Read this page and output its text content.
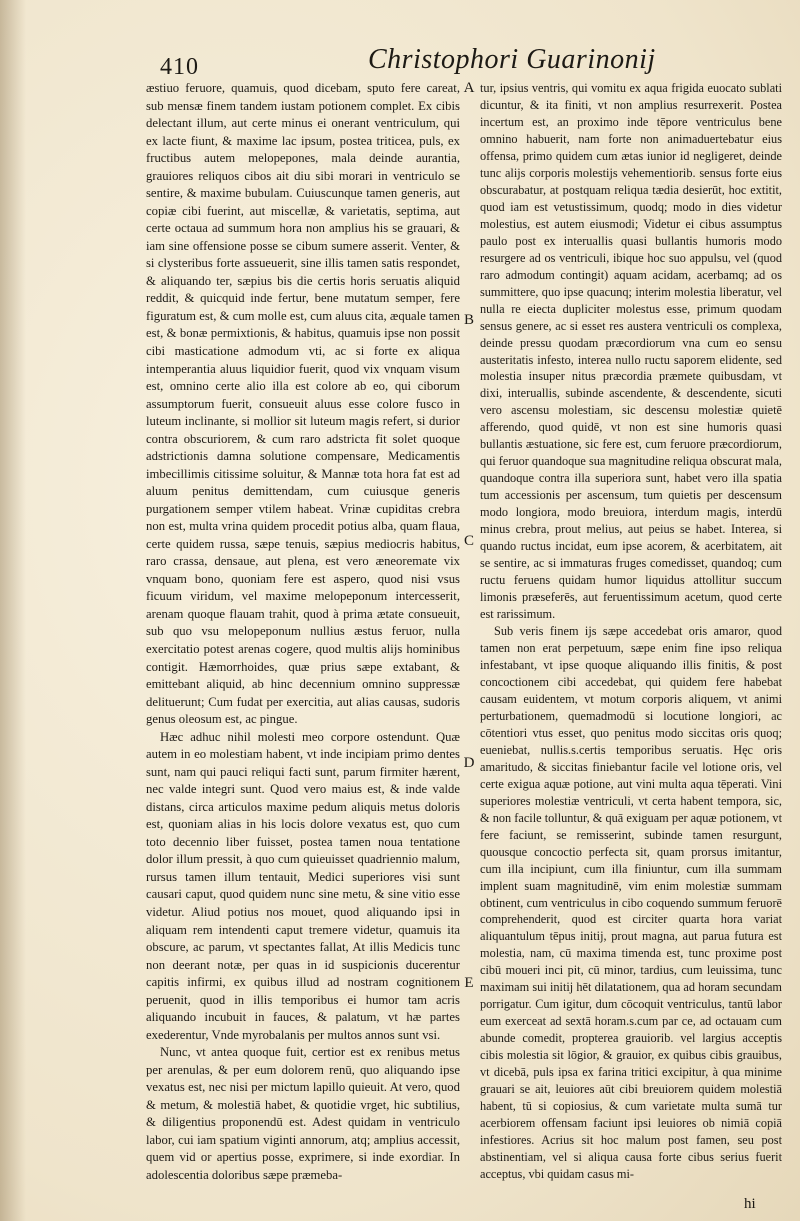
410	Christophori Guarinonij

æstiuo feruore, quamuis, quod dicebam, sputo fere careat, sub mensæ finem tandem iustam potionem complet. Ex cibis delectant illum, aut certe minus ei onerant ventriculum, qui ex lacte fiunt, & maxime lac ipsum, postea triticea, puls, ex fructibus autem melopepones, mala deinde aurantia, grauiores reliquos cibos ait diu sibi morari in ventriculo se sentire, & maxime bubulam. Cuiuscunque tamen generis, aut copiæ cibi fuerint, aut miscellæ, & varietatis, septima, aut certe octaua ad summum hora non amplius his se grauari, & iam sine offensione posse se cibum sumere asserit. Venter, & si clysteribus forte assueuerit, sine illis tamen satis respondet, & aliquando ter, sæpius bis die certis horis seruatis aliquid reddit, & quicquid inde fertur, bene mutatum semper, fere figuratum est, & cum molle est, cum aluus cita, æquale tamen est, & bonæ permixtionis, & habitus, quamuis ipse non possit cibi masticatione admodum vti, ac si forte ex aliqua intemperantia aluus liquidior fuerit, quod vix vnquam visum est, omnino certe alio illa est colore ab eo, qui ciborum assumptorum fuerit, consueuit aluus esse colore fusco in luteum inclinante, si mollior sit luteum magis refert, si durior contra obscuriorem, & cum raro adstricta fit solet quoque adstrictionis damna solutione compensare, Medicamentis imbecillimis citissime soluitur, & Mannæ tota hora fat est ad aluum penitus demittendam, cum cuiusque generis purgationem semper vtilem habeat. Vrinæ cupiditas crebra non est, multa vrina quidem procedit potius alba, quam flaua, certe quidem russa, sæpe tenuis, sæpius mediocris habitus, raro crassa, densaue, aut plena, est vero æneoremate vix vnquam bono, quoniam fere est aspero, quod nisi vsus ficuum viridum, vel maxime melopeponum intercesserit, arenam quoque flauam trahit, quod à prima ætate consueuit, sub quo vsu melopeponum nullius æstus feruor, nulla exercitatio potest arenas cogere, quod multis alijs hominibus contigit. Hæmorrhoides, quæ prius sæpe extabant, & emittebant aliquid, ab hinc decennium omnino suppressæ delituerunt; Cum fudat per exercitia, aut alias causas, sudoris genus oleosum est, ac pingue.

Hæc adhuc nihil molesti meo corpore ostendunt. Quæ autem in eo molestiam habent, vt inde incipiam primo dentes sunt, nam qui pauci reliqui facti sunt, parum firmiter hærent, nec valde integri sunt. Quod vero maius est, & inde valde distans, circa articulos maxime pedum aliquis metus doloris est, quoniam alias in his locis dolore vexatus est, quo cum toto decennio liber fuisset, postea tamen noua tentatione dolor illum pressit, à quo cum quieuisset quadriennio malum, rursus tamen illum tentauit, Medici superiores visi sunt causari caput, quod quidem nunc sine metu, & sine vitio esse videtur. Aliud potius nos mouet, quod aliquando ipsi in aliquam rem intendenti caput tremere videtur, quamuis ita obscure, ac parum, vt spectantes fallat, At illis Medicis tunc non deerant notæ, per quas in id suspicionis ducerentur capitis infirmi, ex quibus illud ad nostram cognitionem peruenit, quod in illis temporibus ei humor tam acris aliquando incubuit in fauces, & palatum, vt hæ partes exederentur, Vnde myrobalanis per multos annos sunt vsi.

Nunc, vt antea quoque fuit, certior est ex renibus metus per arenulas, & per eum dolorem renū, quo aliquando ipse vexatus est, nec nisi per mictum lapillo quieuit. At vero, quod & metum, & molestiā habet, & quotidie vrget, hic subtilius, & diligentius proponendū est. Adest quidam in ventriculo labor, cui iam spatium viginti annorum, atq; amplius accessit, quem vid or apertius posse, exprimere, si inde exordiar. In adolescentia doloribus sæpe præmeba-

A
B
C
D
E

tur, ipsius ventris, qui vomitu ex aqua frigida euocato sublati dicuntur, & ita finiti, vt non amplius resurrexerit. Postea incertum est, an proximo inde tēpore ventriculus bene omnino habuerit, nam forte non animaduertebatur eius offensa, primo quidem cum ætas iunior id negligeret, deinde tunc alijs corporis molestijs vehementiorib. sensus forte eius obscurabatur, at postquam reliqua tædia desierūt, hoc extitit, quod iam est vetustissimum, quodq; modo in dies videtur molestius, est autem eiusmodi; Videtur ei cibus assumptus paulo post ex interuallis quasi bullantis humoris modo resurgere ad os ventriculi, ibique hoc suo appulsu, vel (quod raro admodum contingit) aquam acidam, acerbamq; ad os summittere, quo ipse quacunq; interim molestia liberatur, vel nulla re eiecta dupliciter molestus esse, primum quodam sensus genere, ac si esset res austera ventriculi os complexa, deinde pressu quodam præcordiorum vna cum eo sensu austeritatis infesto, interea nullo ructu saporem elidente, sed molestia insuper nitus præcordia præmete quibusdam, vt dixi, interuallis, subinde ascendente, & descendente, sicuti vero ascensu molestiam, sic descensu molestiæ quietē afferendo, quod quidē, vt non est sine humoris quasi bullantis æstuatione, sic fere est, cum feruore præcordiorum, qui feruor quandoque sua magnitudine reliqua obscurat mala, quandoque contra illa superiora sunt, habet vero illa spatia tum accessionis per ascensum, tum quietis per descensum modo longiora, modo breuiora, interdum magis, interdū minus crebra, prout melius, aut peius se habet. Interea, si quando ructus incidat, eum ipse acorem, & acerbitatem, ait se sentire, ac si immaturas fruges comedisset, quandoq; cum ructu feruens quidam humor liquidus attollitur succum limonis præseferēs, aut feruentissimum acetum, quod certe est rarissimum.

Sub veris finem ijs sæpe accedebat oris amaror, quod tamen non erat perpetuum, sæpe enim fine ipso reliqua infestabant, vt ipse quoque aliquando illis finitis, & post concoctionem cibi accedebat, qui quidem fere habebat causam euidentem, vt motum corporis aliquem, vt animi perturbationem, quemadmodū si locutione longiori, ac cōtentiori vtus esset, quo penitus modo siccitas oris quoq; eueniebat, nullis.s.certis temporibus seruatis. Hęc oris amaritudo, & siccitas finiebantur facile vel lotione oris, vel certe exigua aquæ potione, aut vini multa aqua tēperati. Vini superiores molestiæ ventriculi, vt certa habent tempora, sic, & non facile tolluntur, & quā exiguam per aquæ potionem, vt fere faciunt, se remisserint, subinde tamen resurgunt, quousque concoctio perfecta sit, quam prorsus imitantur, cum illa incipiunt, cum illa finiuntur, cum illa summam implent suam magnitudinē, vim enim molestiæ summam obtinent, cum ventriculus in cibo coquendo summum feruorē comprehenderit, quod est circiter quarta hora variat aliquantulum tēpus initij, prout magna, aut parua futura est molestia, nam, cū maxima timenda est, tunc proxime post cibū moueri inci pit, cū minor, tardius, cum leuissima, tunc maximam sui initij hēt dilatationem, qua ad horam secundam porrigatur. Cum igitur, dum cōcoquit ventriculus, tantū labor eum exerceat ad sextā horam.s.cum par ce, ad octauam cum abunde comedit, propterea grauiorib. vel largius acceptis cibis molestia sit lōgior, & grauior, ex quibus cibis grauibus, vt dicebā, puls ipsa ex farina tritici excipitur, à qua minime grauari se ait, leuiores aūt cibi breuiorem quidem molestiā habent, tū si copiosius, & cum varietate multa sumā tur acerbiorem offensam faciunt ipsi leuiores ob nimiā copiā infestiores. Acrius sit hoc malum post famen, seu post abstinentiam, vel si aliqua causa forte cibus serius fuerit acceptus, vbi quidam casus mi-

hi
